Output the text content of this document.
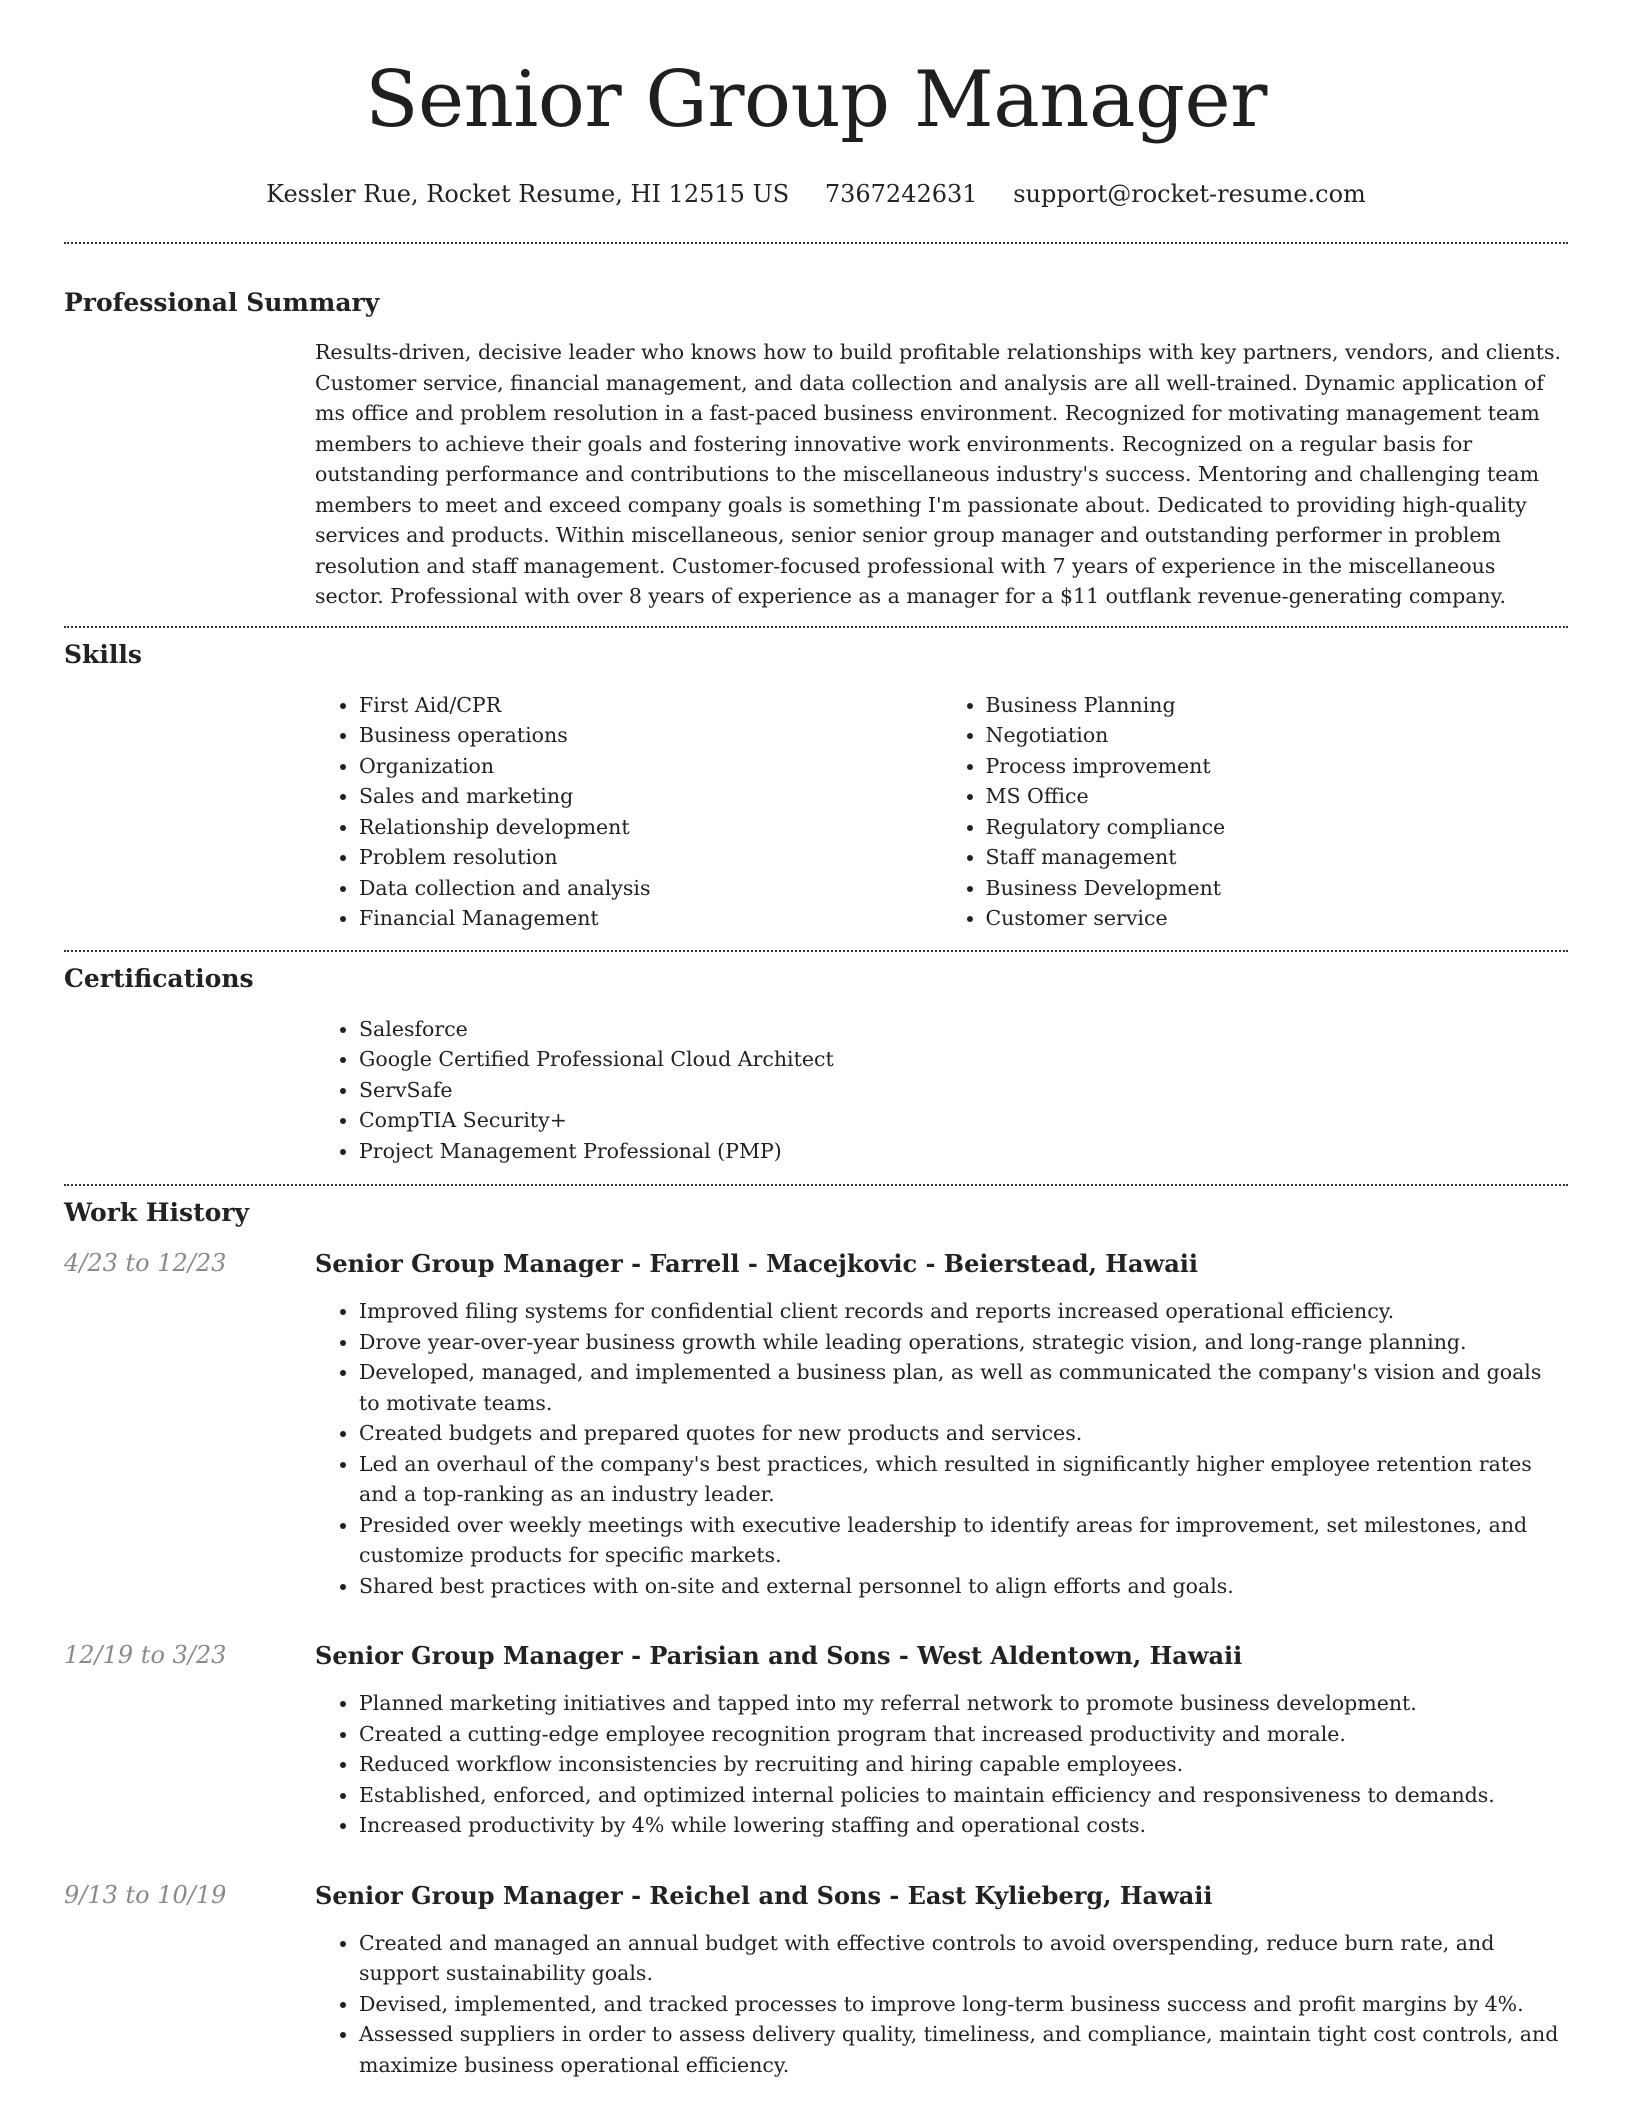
Senior Group Manager
Kessler Rue, Rocket Resume, HI 12515 US 7367242631 support@rocket-resume.com
Professional Summary

Results-driven, decisive leader who knows how to build profitable relationships with key partners, vendors, and clients. Customer service, financial management, and data collection and analysis are all well-trained. Dynamic application of ms office and problem resolution in a fast-paced business environment. Recognized for motivating management team members to achieve their goals and fostering innovative work environments. Recognized on a regular basis for outstanding performance and contributions to the miscellaneous industry's success. Mentoring and challenging team members to meet and exceed company goals is something I'm passionate about. Dedicated to providing high-quality services and products. Within miscellaneous, senior senior group manager and outstanding performer in problem resolution and staff management. Customer-focused professional with 7 years of experience in the miscellaneous sector. Professional with over 8 years of experience as a manager for a $11 outflank revenue-generating company.

Skills
• First Aid/CPR
• Business operations
• Organization
• Sales and marketing
• Relationship development
• Problem resolution
• Data collection and analysis
• Financial Management
• Business Planning
• Negotiation
• Process improvement
• MS Office
• Regulatory compliance
• Staff management
• Business Development
• Customer service
Certifications
• Salesforce
• Google Certified Professional Cloud Architect
• ServSafe
• CompTIA Security+
• Project Management Professional (PMP)
Work History
4/23 to 12/23	Senior Group Manager - Farrell - Macejkovic - Beierstead, Hawaii
• Improved filing systems for confidential client records and reports increased operational efficiency.
• Drove year-over-year business growth while leading operations, strategic vision, and long-range planning.
• Developed, managed, and implemented a business plan, as well as communicated the company's vision and goals to motivate teams.
• Created budgets and prepared quotes for new products and services.
• Led an overhaul of the company's best practices, which resulted in significantly higher employee retention rates and a top-ranking as an industry leader.
• Presided over weekly meetings with executive leadership to identify areas for improvement, set milestones, and customize products for specific markets.
• Shared best practices with on-site and external personnel to align efforts and goals.
12/19 to 3/23	Senior Group Manager - Parisian and Sons - West Aldentown, Hawaii
• Planned marketing initiatives and tapped into my referral network to promote business development.
• Created a cutting-edge employee recognition program that increased productivity and morale.
• Reduced workflow inconsistencies by recruiting and hiring capable employees.
• Established, enforced, and optimized internal policies to maintain efficiency and responsiveness to demands.
• Increased productivity by 4% while lowering staffing and operational costs.
9/13 to 10/19	Senior Group Manager - Reichel and Sons - East Kylieberg, Hawaii
• Created and managed an annual budget with effective controls to avoid overspending, reduce burn rate, and support sustainability goals.
• Devised, implemented, and tracked processes to improve long-term business success and profit margins by 4%.
• Assessed suppliers in order to assess delivery quality, timeliness, and compliance, maintain tight cost controls, and maximize business operational efficiency.
